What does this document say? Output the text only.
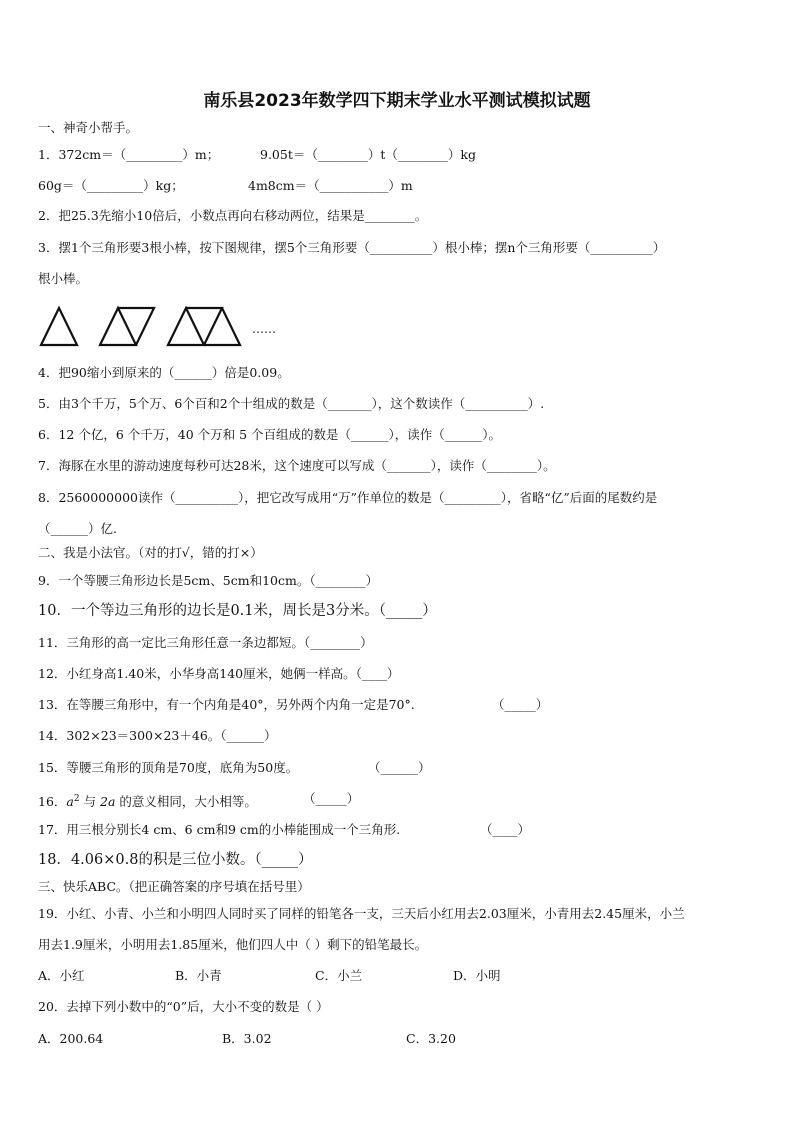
南乐县2023年数学四下期末学业水平测试模拟试题
一、神奇小帮手。
1．372cm＝（_________）m；	9.05t＝（________）t（________）kg
60g＝（_________）kg；	4m8cm＝（___________）m
2．把25.3先缩小10倍后，小数点再向右移动两位，结果是________。
3．摆1个三角形要3根小棒，按下图规律，摆5个三角形要（__________）根小棒；摆n个三角形要（__________）
根小棒。
……
4．把90缩小到原来的（______）倍是0.09。
5．由3个千万，5个万、6个百和2个十组成的数是（_______），这个数读作（__________）.
6．12 个亿，6 个千万，40 个万和 5 个百组成的数是（______），读作（______）。
7．海豚在水里的游动速度每秒可达28米，这个速度可以写成（_______），读作（________）。
8．2560000000读作（__________），把它改写成用“万”作单位的数是（_________），省略“亿”后面的尾数约是
（______）亿.
二、我是小法官。（对的打√，错的打×）
9．一个等腰三角形边长是5cm、5cm和10cm。（________）
10．一个等边三角形的边长是0.1米，周长是3分米。（_____）
11．三角形的高一定比三角形任意一条边都短。（________）
12．小红身高1.40米，小华身高140厘米，她俩一样高。（____）
13．在等腰三角形中，有一个内角是40°，另外两个内角一定是70°.	（_____）
14．302×23＝300×23＋46。（______）
15．等腰三角形的顶角是70度，底角为50度。	（______）
16．$a^2$ 与 2a 的意义相同，大小相等。	（_____）
17．用三根分别长4 cm、6 cm和9 cm的小棒能围成一个三角形.	（____）
18．4.06×0.8的积是三位小数。（_____）
三、快乐ABC。（把正确答案的序号填在括号里）
19．小红、小青、小兰和小明四人同时买了同样的铅笔各一支，三天后小红用去2.03厘米，小青用去2.45厘米，小兰
用去1.9厘米，小明用去1.85厘米，他们四人中（ ）剩下的铅笔最长。
A．小红	B．小青	C．小兰	D．小明
20．去掉下列小数中的“0”后，大小不变的数是（ ）
A．200.64	B．3.02	C．3.20
